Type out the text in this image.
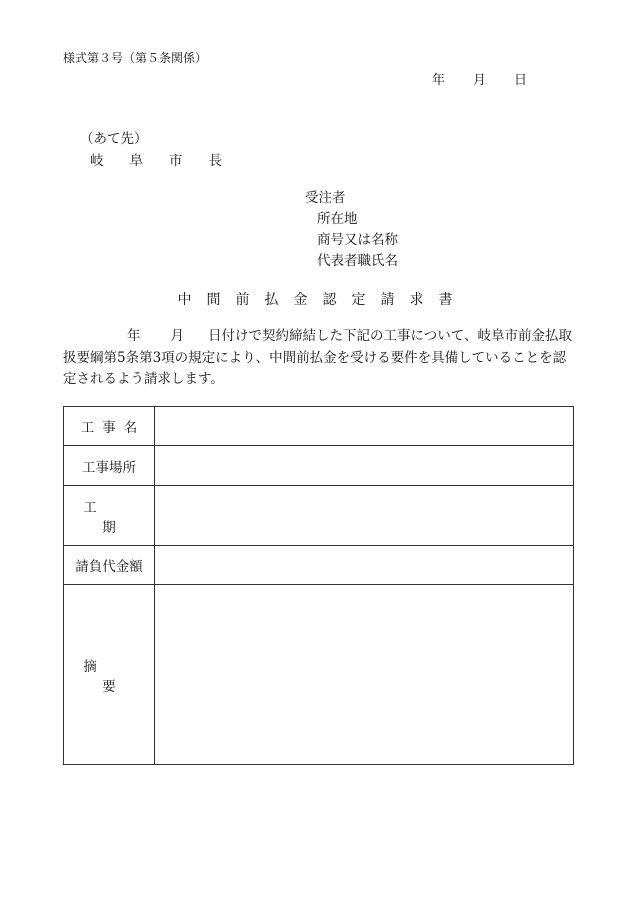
様式第３号（第５条関係）
年 月 日
（あて先）
岐 阜 市 長
受注者
所在地
商号又は名称
代表者職氏名
中間前払金認定請求書
年 月 日付けで契約締結した下記の工事について、岐阜市前金払取扱要綱第5条第3項の規定により、中間前払金を受ける要件を具備していることを認定されるよう請求します。
工 事 名	
工事場所	
工期	
請負代金額	
摘要	
